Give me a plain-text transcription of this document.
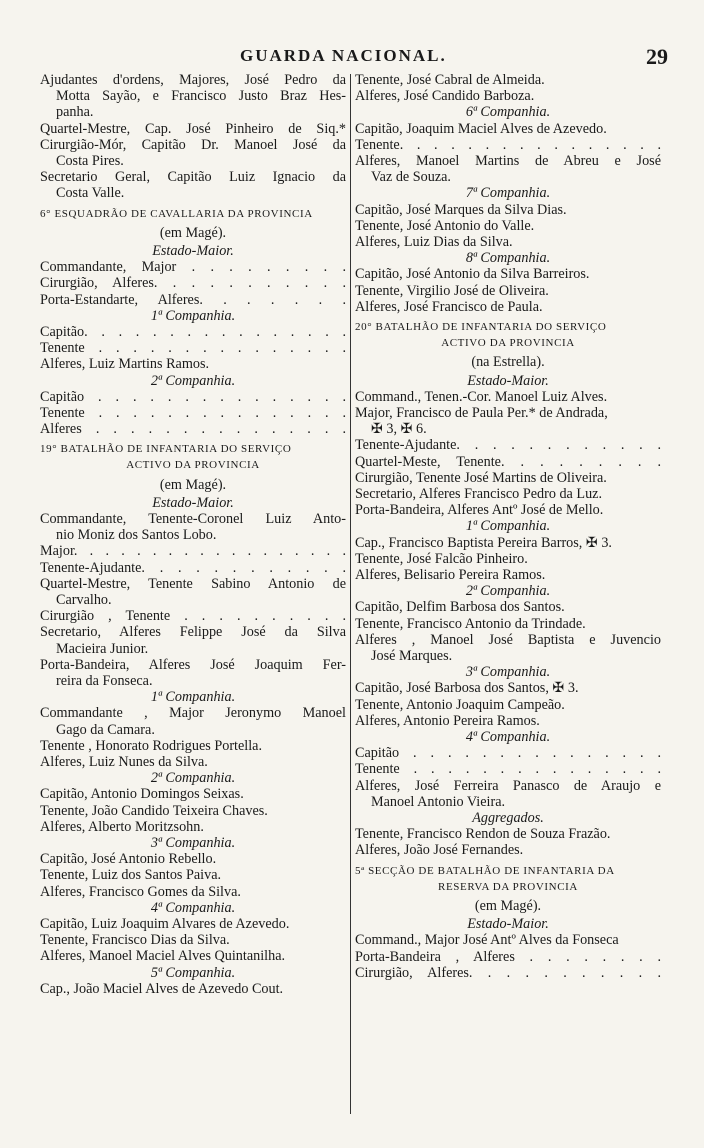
GUARDA NACIONAL.	29
Ajudantes d'ordens, Majores, José Pedro da
Motta Sayão, e Francisco Justo Braz Hes-
panha.
Quartel-Mestre, Cap. José Pinheiro de Siq.*
Cirurgião-Mór, Capitão Dr. Manoel José da
Costa Pires.
Secretario Geral, Capitão Luiz Ignacio da
Costa Valle.
6° ESQUADRÃO DE CAVALLARIA DA PROVINCIA
(em Magé).
Estado-Maior.
Commandante, Major . . . . . . . . .
Cirurgião, Alferes. . . . . . . . . . .
Porta-Estandarte, Alferes. . . . . . .
1ª Companhia.
Capitão. . . . . . . . . . . . . . . .
Tenente . . . . . . . . . . . . . . .
Alferes, Luiz Martins Ramos.
2ª Companhia.
Capitão . . . . . . . . . . . . . . .
Tenente . . . . . . . . . . . . . . .
Alferes . . . . . . . . . . . . . . .
19° BATALHÃO DE INFANTARIA DO SERVIÇO
ACTIVO DA PROVINCIA
(em Magé).
Estado-Maior.
Commandante, Tenente-Coronel Luiz Anto-
nio Moniz dos Santos Lobo.
Major. . . . . . . . . . . . . . . . . .
Tenente-Ajudante. . . . . . . . . . . .
Quartel-Mestre, Tenente Sabino Antonio de
Carvalho.
Cirurgião , Tenente . . . . . . . . . .
Secretario, Alferes Felippe José da Silva
Macieira Junior.
Porta-Bandeira, Alferes José Joaquim Fer-
reira da Fonseca.
1ª Companhia.
Commandante , Major Jeronymo Manoel
Gago da Camara.
Tenente , Honorato Rodrigues Portella.
Alferes, Luiz Nunes da Silva.
2ª Companhia.
Capitão, Antonio Domingos Seixas.
Tenente, João Candido Teixeira Chaves.
Alferes, Alberto Moritzsohn.
3ª Companhia.
Capitão, José Antonio Rebello.
Tenente, Luiz dos Santos Paiva.
Alferes, Francisco Gomes da Silva.
4ª Companhia.
Capitão, Luiz Joaquim Alvares de Azevedo.
Tenente, Francisco Dias da Silva.
Alferes, Manoel Maciel Alves Quintanilha.
5ª Companhia.
Cap., João Maciel Alves de Azevedo Cout.
Tenente, José Cabral de Almeida.
Alferes, José Candido Barboza.
6ª Companhia.
Capitão, Joaquim Maciel Alves de Azevedo.
Tenente. . . . . . . . . . . . . . . .
Alferes, Manoel Martins de Abreu e José
Vaz de Souza.
7ª Companhia.
Capitão, José Marques da Silva Dias.
Tenente, José Antonio do Valle.
Alferes, Luiz Dias da Silva.
8ª Companhia.
Capitão, José Antonio da Silva Barreiros.
Tenente, Virgilio José de Oliveira.
Alferes, José Francisco de Paula.
20° BATALHÃO DE INFANTARIA DO SERVIÇO
ACTIVO DA PROVINCIA
(na Estrella).
Estado-Maior.
Command., Tenen.-Cor. Manoel Luiz Alves.
Major, Francisco de Paula Per.* de Andrada,
✠ 3, ✠ 6.
Tenente-Ajudante. . . . . . . . . . . .
Quartel-Meste, Tenente. . . . . . . . .
Cirurgião, Tenente José Martins de Oliveira.
Secretario, Alferes Francisco Pedro da Luz.
Porta-Bandeira, Alferes Antº José de Mello.
1ª Companhia.
Cap., Francisco Baptista Pereira Barros, ✠ 3.
Tenente, José Falcão Pinheiro.
Alferes, Belisario Pereira Ramos.
2ª Companhia.
Capitão, Delfim Barbosa dos Santos.
Tenente, Francisco Antonio da Trindade.
Alferes , Manoel José Baptista e Juvencio
José Marques.
3ª Companhia.
Capitão, José Barbosa dos Santos, ✠ 3.
Tenente, Antonio Joaquim Campeão.
Alferes, Antonio Pereira Ramos.
4ª Companhia.
Capitão . . . . . . . . . . . . . . .
Tenente . . . . . . . . . . . . . . .
Alferes, José Ferreira Panasco de Araujo e
Manoel Antonio Vieira.
Aggregados.
Tenente, Francisco Rendon de Souza Frazão.
Alferes, João José Fernandes.
5ª SECÇÃO DE BATALHÃO DE INFANTARIA DA
RESERVA DA PROVINCIA
(em Magé).
Estado-Maior.
Command., Major José Antº Alves da Fonseca
Porta-Bandeira , Alferes . . . . . . . .
Cirurgião, Alferes. . . . . . . . . . .
